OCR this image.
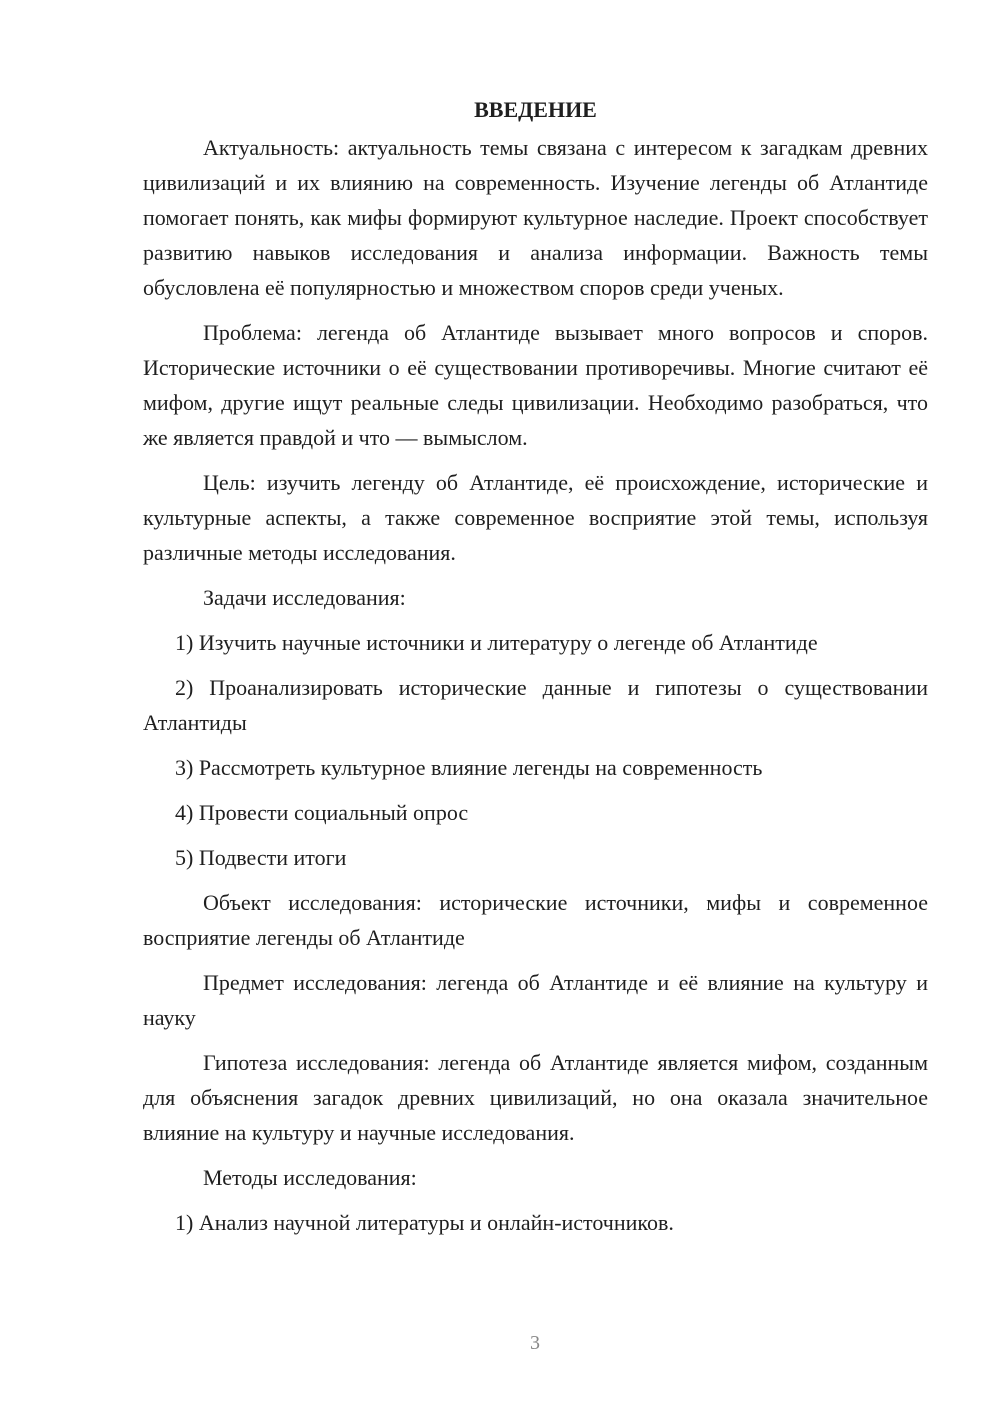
ВВЕДЕНИЕ

Актуальность: актуальность темы связана с интересом к загадкам древних цивилизаций и их влиянию на современность. Изучение легенды об Атлантиде помогает понять, как мифы формируют культурное наследие. Проект способствует развитию навыков исследования и анализа информации. Важность темы обусловлена её популярностью и множеством споров среди ученых.

Проблема: легенда об Атлантиде вызывает много вопросов и споров. Исторические источники о её существовании противоречивы. Многие считают её мифом, другие ищут реальные следы цивилизации. Необходимо разобраться, что же является правдой и что — вымыслом.

Цель: изучить легенду об Атлантиде, её происхождение, исторические и культурные аспекты, а также современное восприятие этой темы, используя различные методы исследования.

Задачи исследования:

1) Изучить научные источники и литературу о легенде об Атлантиде

2) Проанализировать исторические данные и гипотезы о существовании Атлантиды

3) Рассмотреть культурное влияние легенды на современность

4) Провести социальный опрос

5) Подвести итоги

Объект исследования: исторические источники, мифы и современное восприятие легенды об Атлантиде

Предмет исследования: легенда об Атлантиде и её влияние на культуру и науку

Гипотеза исследования: легенда об Атлантиде является мифом, созданным для объяснения загадок древних цивилизаций, но она оказала значительное влияние на культуру и научные исследования.

Методы исследования:

1) Анализ научной литературы и онлайн-источников.

3
